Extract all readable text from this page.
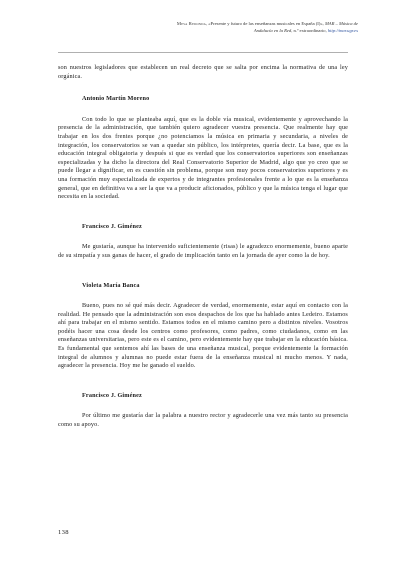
Mesa Redonda, «Presente y futuro de las enseñanzas musicales en España (I)», MAR – Música de
Andalucía en la Red, n.º extraordinario, http://mar.ugr.es

son nuestros legisladores que establecen un real decreto que se salta por encima la normativa de una ley orgánica.

Antonio Martín Moreno

Con todo lo que se planteaba aquí, que es la doble vía musical, evidentemente y aprovechando la presencia de la administración, que también quiero agradecer vuestra presencia. Que realmente hay que trabajar en los dos frentes porque ¿no potenciamos la música en primaria y secundaria, a niveles de integración, los conservatorios se van a quedar sin público, los intérpretes, quería decir. La base, que es la educación integral obligatoria y después si que es verdad que los conservatorios superiores son enseñanzas especializadas y ha dicho la directora del Real Conservatorio Superior de Madrid, algo que yo creo que se puede llegar a dignificar, en es cuestión sin problema, porque son muy pocos conservatorios superiores y es una formación muy especializada de expertos y de integrantes profesionales frente a lo que es la enseñanza general, que en definitiva va a ser la que va a producir aficionados, público y que la música tenga el lugar que necesita en la sociedad.

Francisco J. Giménez

Me gustaría, aunque ha intervenido suficientemente (risas) le agradezco enormemente, bueno aparte de su simpatía y sus ganas de hacer, el grado de implicación tanto en la jornada de ayer como la de hoy.

Violeta María Banca

Bueno, pues no sé qué más decir. Agradecer de verdad, enormemente, estar aquí en contacto con la realidad. He pensado que la administración son esos despachos de los que ha hablado antes Ledeiro. Estamos ahí para trabajar en el mismo sentido. Estamos todos en el mismo camino pero a distintos niveles. Vosotros podéis hacer una cosa desde los centros como profesores, como padres, como ciudadanos, como en las enseñanzas universitarias, pero este es el camino, pero evidentemente hay que trabajar en la educación básica. Es fundamental que sentemos ahí las bases de una enseñanza musical, porque evidentemente la formación integral de alumnos y alumnas no puede estar fuera de la enseñanza musical ni mucho menos. Y nada, agradecer la presencia. Hoy me he ganado el sueldo.

Francisco J. Giménez

Por último me gustaría dar la palabra a nuestro rector y agradecerle una vez más tanto su presencia como su apoyo.

138
